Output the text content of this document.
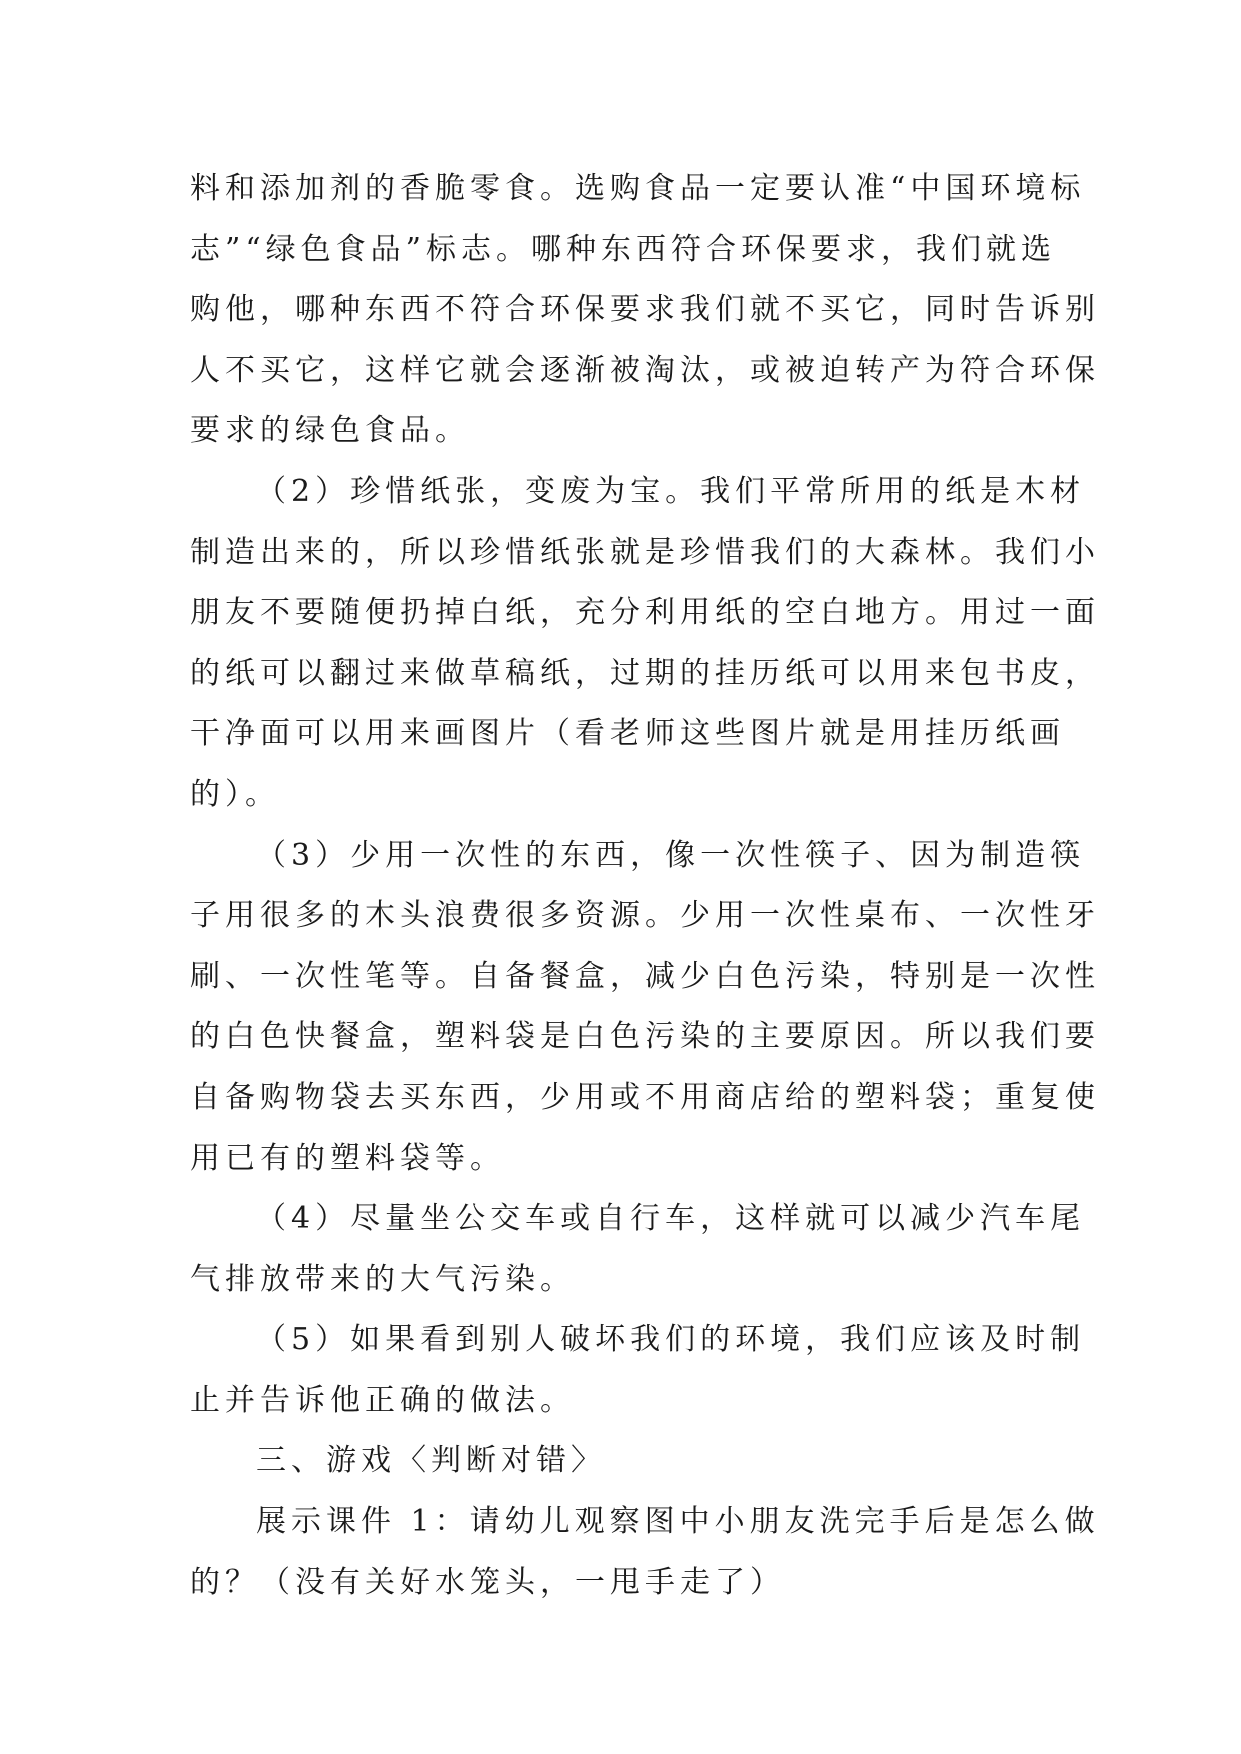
料和添加剂的香脆零食。选购食品一定要认准“中国环境标
志”“绿色食品”标志。哪种东西符合环保要求，我们就选
购他，哪种东西不符合环保要求我们就不买它，同时告诉别
人不买它，这样它就会逐渐被淘汰，或被迫转产为符合环保
要求的绿色食品。
（2）珍惜纸张，变废为宝。我们平常所用的纸是木材
制造出来的，所以珍惜纸张就是珍惜我们的大森林。我们小
朋友不要随便扔掉白纸，充分利用纸的空白地方。用过一面
的纸可以翻过来做草稿纸，过期的挂历纸可以用来包书皮，
干净面可以用来画图片（看老师这些图片就是用挂历纸画
的）。
（3）少用一次性的东西，像一次性筷子、因为制造筷
子用很多的木头浪费很多资源。少用一次性桌布、一次性牙
刷、一次性笔等。自备餐盒，减少白色污染，特别是一次性
的白色快餐盒，塑料袋是白色污染的主要原因。所以我们要
自备购物袋去买东西，少用或不用商店给的塑料袋；重复使
用已有的塑料袋等。
（4）尽量坐公交车或自行车，这样就可以减少汽车尾
气排放带来的大气污染。
（5）如果看到别人破坏我们的环境，我们应该及时制
止并告诉他正确的做法。
三、游戏〈判断对错〉
展示课件 1：请幼儿观察图中小朋友洗完手后是怎么做
的？（没有关好水笼头，一甩手走了）
